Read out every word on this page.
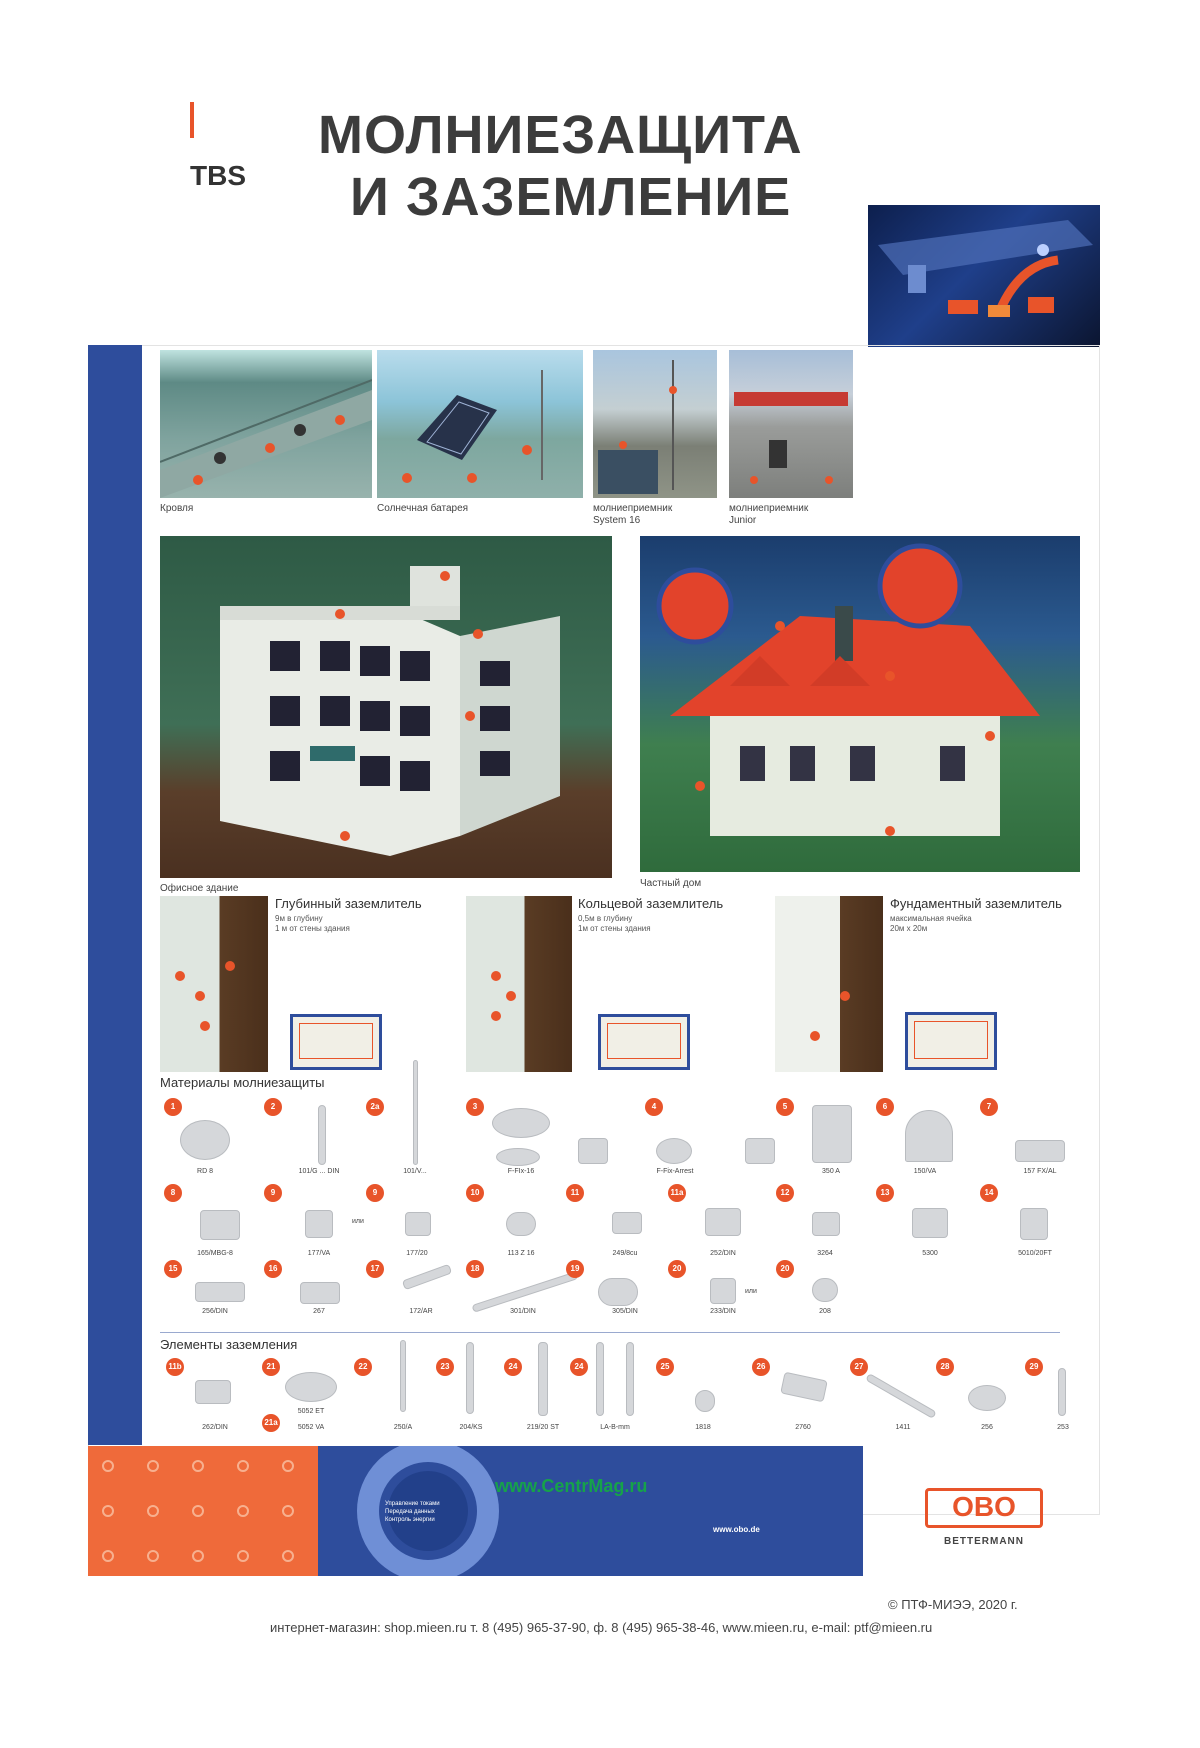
TBS
МОЛНИЕЗАЩИТА
И ЗАЗЕМЛЕНИЕ
TBS Системы внешней молниезащиты и заземления	Кровля	Солнечная батарея	молниеприемник
System 16
молниеприемник
Junior
Офисное здание	Частный дом
Глубинный заземлитель
9м в глубину
1 м от стены здания
Кольцевой заземлитель
0,5м в глубину
1м от стены здания
Фундаментный заземлитель
максимальная ячейка
20м x 20м
Материалы молниезащиты
1
RD 8
2
101/G ... DIN
2a
101/V...
3
F-FIx-16
4
F-Fix-Arrest
5
350 A
6
150/VA
7
157 FX/AL
8
165/MBG-8
9
177/VA
или
9
177/20
10
113 Z 16
11
249/8cu
11a
252/DIN
12
3264
13
5300
14
5010/20FT
15
256/DIN
16
267
17
172/AR
18
301/DIN
19
305/DIN
20
233/DIN
или
20
208
Элементы заземления
11b
262/DIN
21
5052 ET
21a
5052 VA
22
250/A
23
204/KS
24
219/20 ST
24
LA-B-mm
25
1818
26
2760
27
1411
28
256
29
253
Управление токами
Передача данных
Контроль энергии
www.CentrMag.ru
www.obo.de
OBO
BETTERMANN
© ПТФ-МИЭЭ, 2020 г.
интернет-магазин: shop.mieen.ru т. 8 (495) 965-37-90, ф. 8 (495) 965-38-46, www.mieen.ru, e-mail: ptf@mieen.ru
